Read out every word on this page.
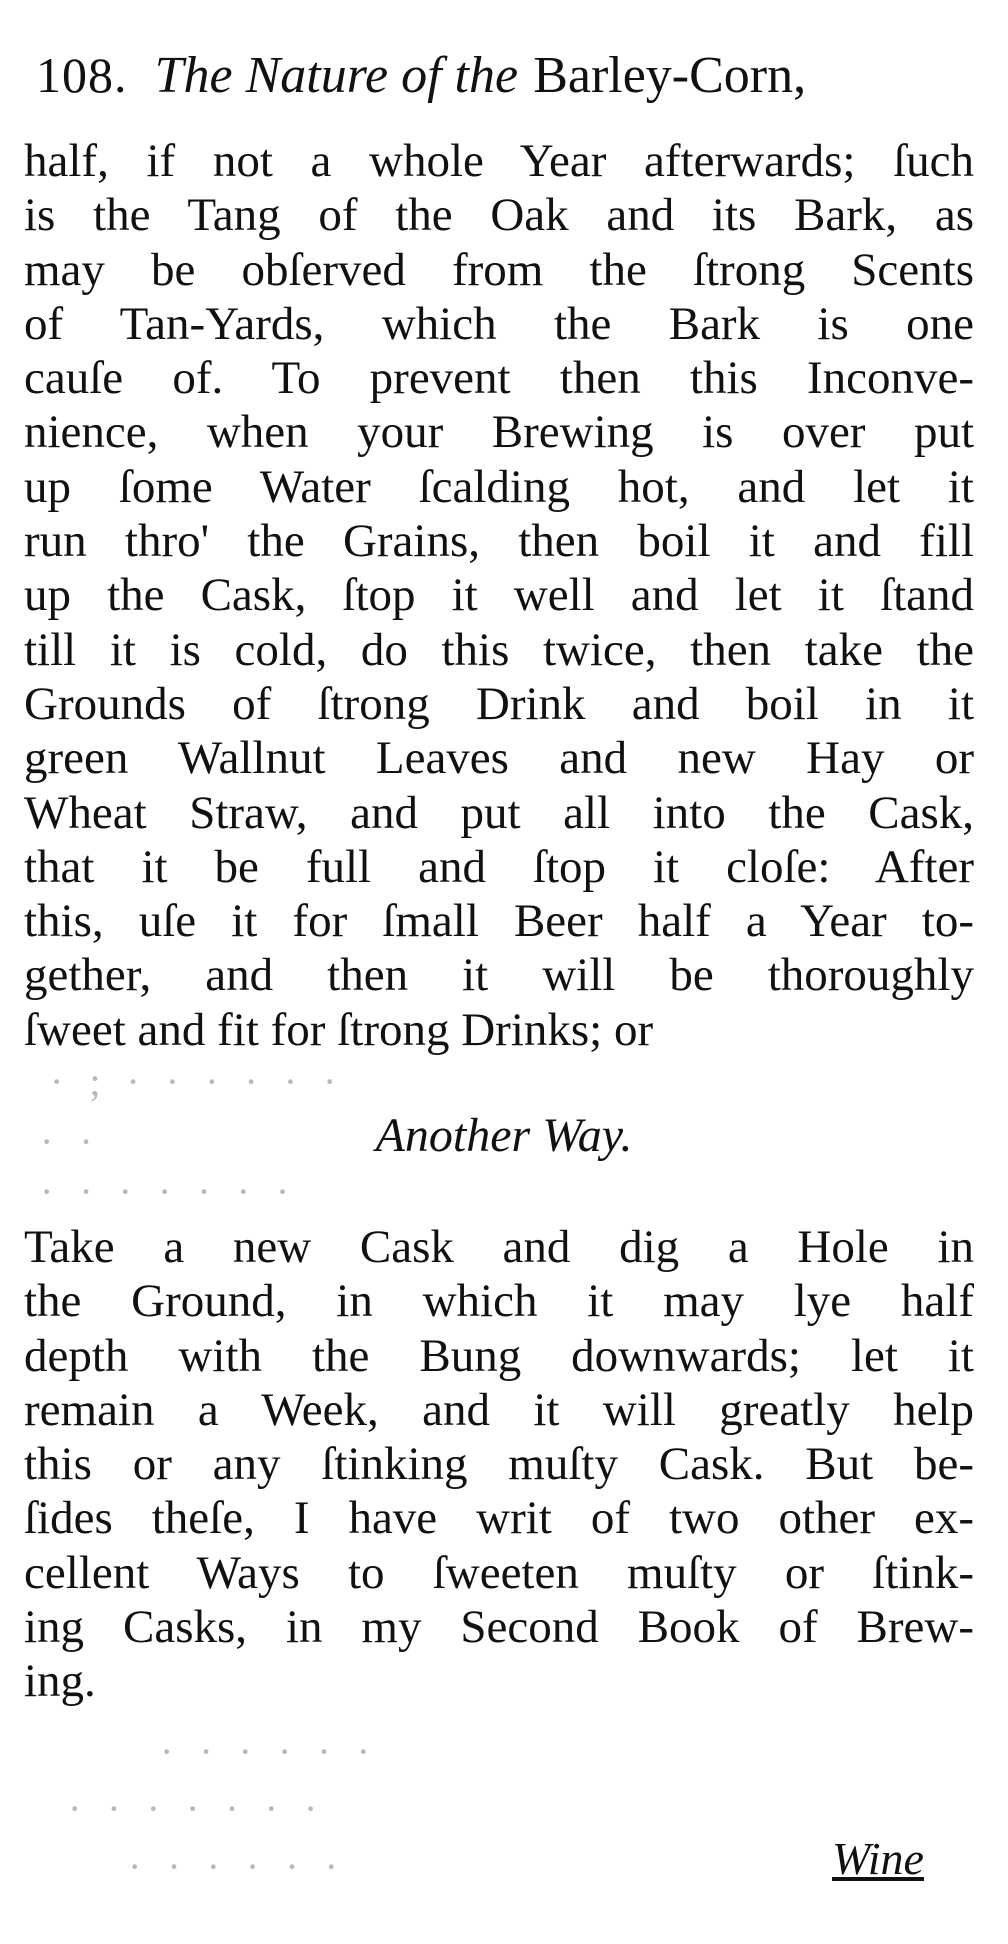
108. The Nature of the Barley-Corn,
half, if not a whole Year afterwards; ſuch
is the Tang of the Oak and its Bark, as
may be obſerved from the ſtrong Scents
of Tan-Yards, which the Bark is one
cauſe of. To prevent then this Inconve-
nience, when your Brewing is over put
up ſome Water ſcalding hot, and let it
run thro' the Grains, then boil it and fill
up the Cask, ſtop it well and let it ſtand
till it is cold, do this twice, then take the
Grounds of ſtrong Drink and boil in it
green Wallnut Leaves and new Hay or
Wheat Straw, and put all into the Cask,
that it be full and ſtop it cloſe: After
this, uſe it for ſmall Beer half a Year to-
gether, and then it will be thoroughly
ſweet and fit for ſtrong Drinks; or
· ; · · · · · ·
· ·
· · · · · · ·
Another Way.
Take a new Cask and dig a Hole in
the Ground, in which it may lye half
depth with the Bung downwards; let it
remain a Week, and it will greatly help
this or any ſtinking muſty Cask. But be-
ſides theſe, I have writ of two other ex-
cellent Ways to ſweeten muſty or ſtink-
ing Casks, in my Second Book of Brew-
ing.
· · · · · ·
· · · · · · ·
· · · · · ·	Wine
